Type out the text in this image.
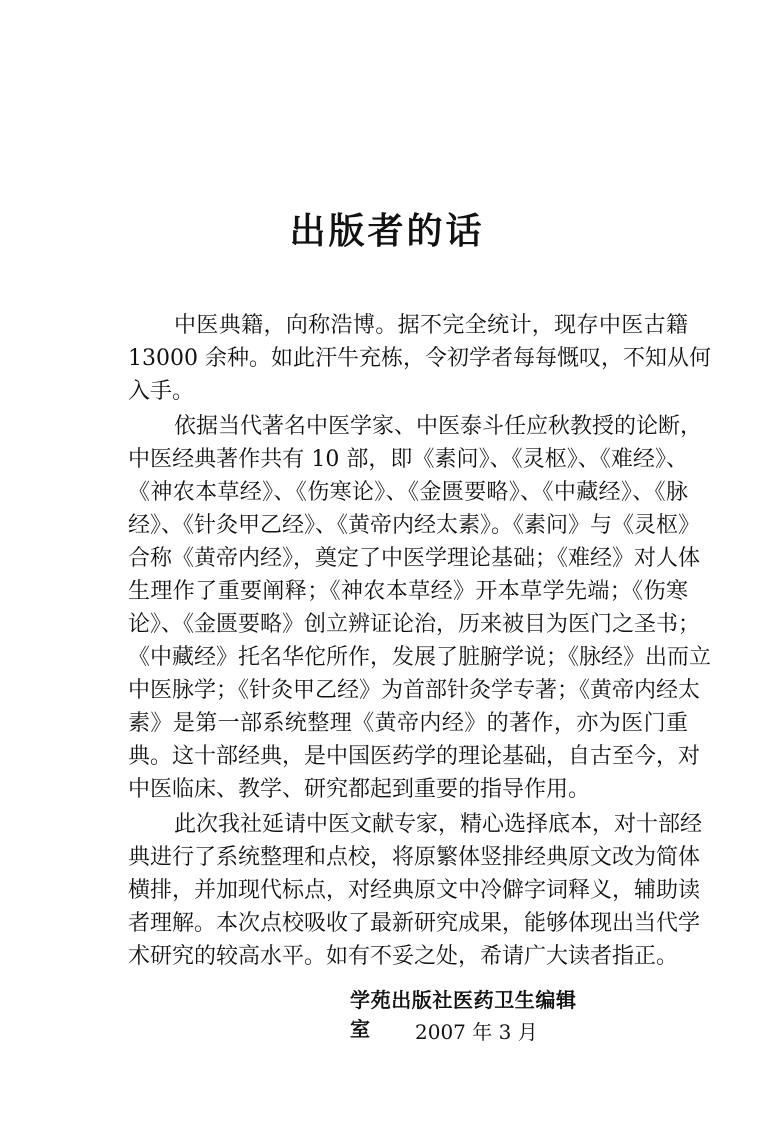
出版者的话
中医典籍，向称浩博。据不完全统计，现存中医古籍
13000 余种。如此汗牛充栋，令初学者每每慨叹，不知从何
入手。
依据当代著名中医学家、中医泰斗任应秋教授的论断，
中医经典著作共有 10 部，即《素问》、《灵枢》、《难经》、
《神农本草经》、《伤寒论》、《金匮要略》、《中藏经》、《脉
经》、《针灸甲乙经》、《黄帝内经太素》。《素问》与《灵枢》
合称《黄帝内经》，奠定了中医学理论基础；《难经》对人体
生理作了重要阐释；《神农本草经》开本草学先端；《伤寒
论》、《金匮要略》创立辨证论治，历来被目为医门之圣书；
《中藏经》托名华佗所作，发展了脏腑学说；《脉经》出而立
中医脉学；《针灸甲乙经》为首部针灸学专著；《黄帝内经太
素》是第一部系统整理《黄帝内经》的著作，亦为医门重
典。这十部经典，是中国医药学的理论基础，自古至今，对
中医临床、教学、研究都起到重要的指导作用。
此次我社延请中医文献专家，精心选择底本，对十部经
典进行了系统整理和点校，将原繁体竖排经典原文改为简体
横排，并加现代标点，对经典原文中冷僻字词释义，辅助读
者理解。本次点校吸收了最新研究成果，能够体现出当代学
术研究的较高水平。如有不妥之处，希请广大读者指正。
学苑出版社医药卫生编辑室	2007 年 3 月
